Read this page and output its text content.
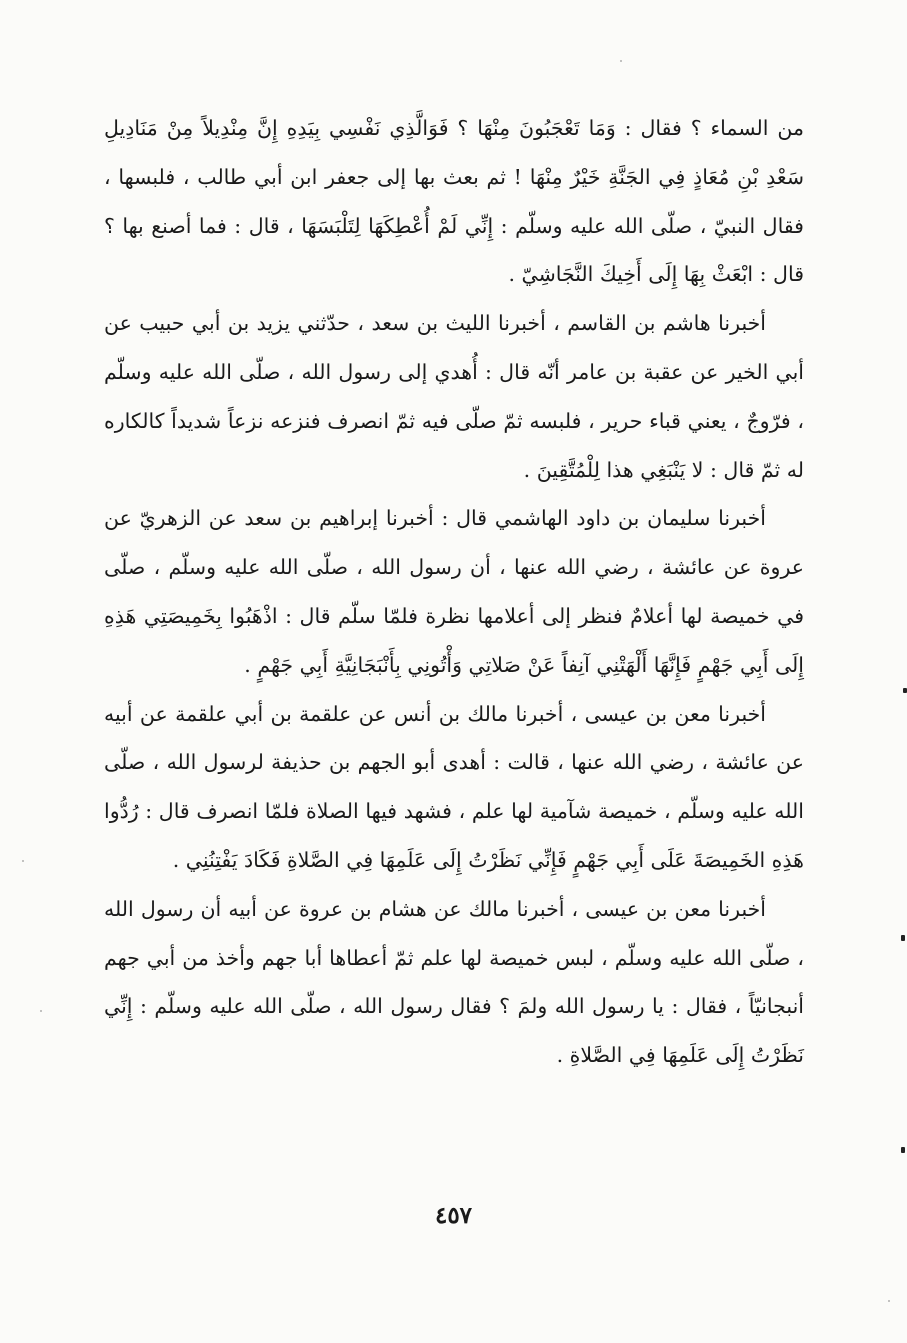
من السماء ؟ فقال : وَمَا تَعْجَبُونَ مِنْهَا ؟ فَوَالَّذِي نَفْسِي بِيَدِهِ إِنَّ مِنْدِيلاً مِنْ مَنَادِيلِ سَعْدِ بْنِ مُعَاذٍ فِي الجَنَّةِ خَيْرٌ مِنْهَا ! ثم بعث بها إلى جعفر ابن أبي طالب ، فلبسها ، فقال النبيّ ، صلّى الله عليه وسلّم : إِنِّي لَمْ أُعْطِكَهَا لِتَلْبَسَهَا ، قال : فما أصنع بها ؟ قال : ابْعَثْ بِهَا إِلَى أَخِيكَ النَّجَاشِيّ .

أخبرنا هاشم بن القاسم ، أخبرنا الليث بن سعد ، حدّثني يزيد بن أبي حبيب عن أبي الخير عن عقبة بن عامر أنّه قال : أُهدي إلى رسول الله ، صلّى الله عليه وسلّم ، فرّوجٌ ، يعني قباء حرير ، فلبسه ثمّ صلّى فيه ثمّ انصرف فنزعه نزعاً شديداً كالكاره له ثمّ قال : لا يَنْبَغِي هذا لِلْمُتَّقِينَ .

أخبرنا سليمان بن داود الهاشمي قال : أخبرنا إبراهيم بن سعد عن الزهريّ عن عروة عن عائشة ، رضي الله عنها ، أن رسول الله ، صلّى الله عليه وسلّم ، صلّى في خميصة لها أعلامٌ فنظر إلى أعلامها نظرة فلمّا سلّم قال : اذْهَبُوا بِخَمِيصَتِي هَذِهِ إِلَى أَبِي جَهْمٍ فَإِنَّهَا أَلْهَتْنِي آنِفاً عَنْ صَلاتِي وَأْتُونِي بِأَنْبَجَانِيَّةِ أَبِي جَهْمٍ .

أخبرنا معن بن عيسى ، أخبرنا مالك بن أنس عن علقمة بن أبي علقمة عن أبيه عن عائشة ، رضي الله عنها ، قالت : أهدى أبو الجهم بن حذيفة لرسول الله ، صلّى الله عليه وسلّم ، خميصة شآمية لها علم ، فشهد فيها الصلاة فلمّا انصرف قال : رُدُّوا هَذِهِ الخَمِيصَةَ عَلَى أَبِي جَهْمٍ فَإِنِّي نَظَرْتُ إِلَى عَلَمِهَا فِي الصَّلاةِ فَكَادَ يَفْتِنُنِي .

أخبرنا معن بن عيسى ، أخبرنا مالك عن هشام بن عروة عن أبيه أن رسول الله ، صلّى الله عليه وسلّم ، لبس خميصة لها علم ثمّ أعطاها أبا جهم وأخذ من أبي جهم أنبجانيّاً ، فقال : يا رسول الله ولمَ ؟ فقال رسول الله ، صلّى الله عليه وسلّم : إِنِّي نَظَرْتُ إِلَى عَلَمِهَا فِي الصَّلاةِ .

٤٥٧
